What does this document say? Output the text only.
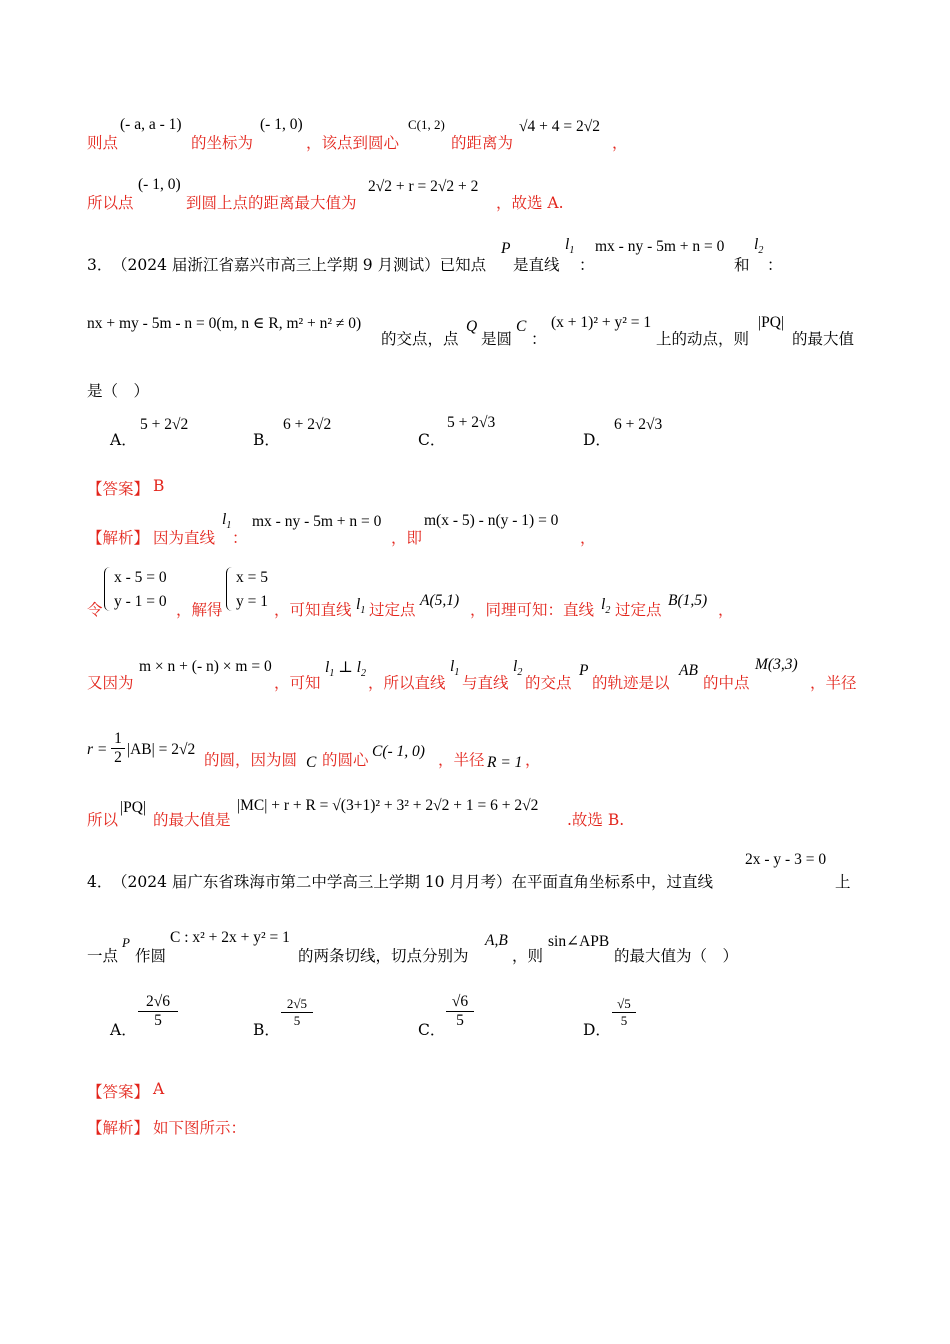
则点
(- a, a - 1)
的坐标为
(- 1, 0)
，该点到圆心
C(1, 2)
的距离为
√4 + 4 = 2√2
，
所以点
(- 1, 0)
到圆上点的距离最大值为
2√2 + r = 2√2 + 2
，故选 A.
3． （2024 届浙江省嘉兴市高三上学期 9 月测试）已知点
P
是直线
$l_1$
：
mx - ny - 5m + n = 0
和
$l_2$
：
nx + my - 5m - n = 0(m, n ∈ R, m² + n² ≠ 0)
的交点，点
Q
是圆
C
：
(x + 1)² + y² = 1
上的动点，则
|PQ|
的最大值
是（　）
A．
5 + 2√2
B．
6 + 2√2
C．
5 + 2√3
D．
6 + 2√3
【答案】 B
【解析】 因为直线
$l_1$
：
mx - ny - 5m + n = 0
，即
m(x - 5) - n(y - 1) = 0
，
令
x - 5 = 0
y - 1 = 0 ，解得
x = 5
y = 1 ，可知直线 $l_1$ 过定点
A(5,1)
，同理可知：直线 $l_2$ 过定点
B(1,5)
，
又因为
m × n + (- n) × m = 0
，可知
$l_1$ ⊥ $l_2$
，所以直线
$l_1$
与直线
$l_2$
的交点
P
的轨迹是以
AB
的中点
M(3,3)
，半径
$r = \frac{1}{2} |AB| = 2√2$
的圆，因为圆 C 的圆心 C(- 1, 0) ，半径 R = 1 ，
所以
|PQ|
的最大值是
|MC| + r + R = √(3+1)² + 3² + 2√2 + 1 = 6 + 2√2
.故选 B.
2x - y - 3 = 0
4． （2024 届广东省珠海市第二中学高三上学期 10 月月考）在平面直角坐标系中，过直线	上
一点
P
作圆
C : x² + 2x + y² = 1
的两条切线，切点分别为
A,B
，则
sin∠APB
的最大值为（　）
A． $\frac{2√6}{5}$	B．
$\frac{2√5}{5}$
C． $\frac{√6}{5}$	D．
$\frac{√5}{5}$
【答案】 A
【解析】 如下图所示：
